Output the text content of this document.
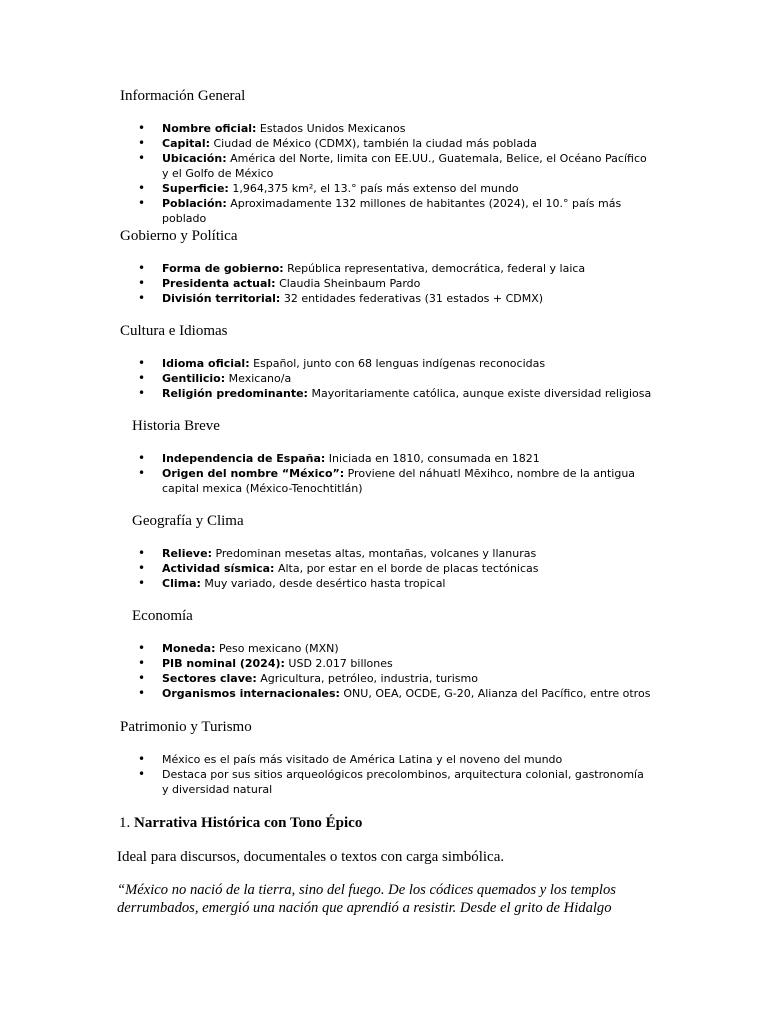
Información General
• Nombre oficial: Estados Unidos Mexicanos
• Capital: Ciudad de México (CDMX), también la ciudad más poblada
• Ubicación: América del Norte, limita con EE.UU., Guatemala, Belice, el Océano Pacífico y el Golfo de México
• Superficie: 1,964,375 km², el 13.° país más extenso del mundo
• Población: Aproximadamente 132 millones de habitantes (2024), el 10.° país más poblado
Gobierno y Política
• Forma de gobierno: República representativa, democrática, federal y laica
• Presidenta actual: Claudia Sheinbaum Pardo
• División territorial: 32 entidades federativas (31 estados + CDMX)
Cultura e Idiomas
• Idioma oficial: Español, junto con 68 lenguas indígenas reconocidas
• Gentilicio: Mexicano/a
• Religión predominante: Mayoritariamente católica, aunque existe diversidad religiosa
Historia Breve
• Independencia de España: Iniciada en 1810, consumada en 1821
• Origen del nombre “México”: Proviene del náhuatl Mēxihco, nombre de la antigua capital mexica (México-Tenochtitlán)
Geografía y Clima
• Relieve: Predominan mesetas altas, montañas, volcanes y llanuras
• Actividad sísmica: Alta, por estar en el borde de placas tectónicas
• Clima: Muy variado, desde desértico hasta tropical
Economía
• Moneda: Peso mexicano (MXN)
• PIB nominal (2024): USD 2.017 billones
• Sectores clave: Agricultura, petróleo, industria, turismo
• Organismos internacionales: ONU, OEA, OCDE, G-20, Alianza del Pacífico, entre otros
Patrimonio y Turismo
• México es el país más visitado de América Latina y el noveno del mundo
• Destaca por sus sitios arqueológicos precolombinos, arquitectura colonial, gastronomía y diversidad natural
1. Narrativa Histórica con Tono Épico
Ideal para discursos, documentales o textos con carga simbólica.
“México no nació de la tierra, sino del fuego. De los códices quemados y los templos derrumbados, emergió una nación que aprendió a resistir. Desde el grito de Hidalgo
